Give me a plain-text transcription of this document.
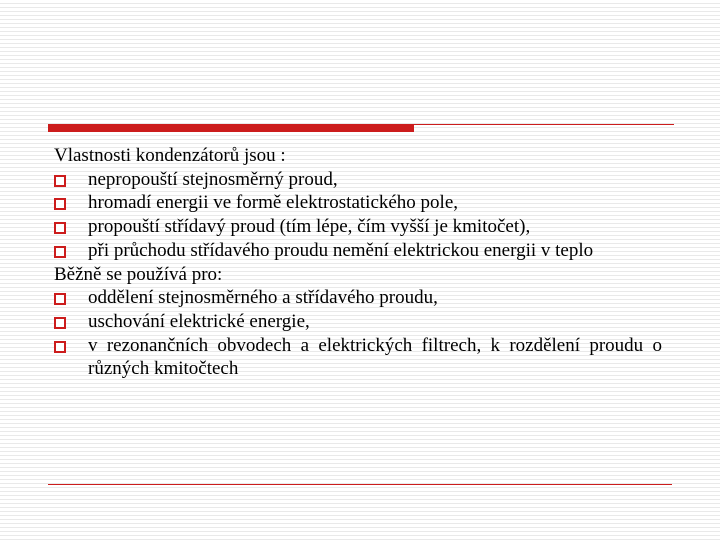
Vlastnosti kondenzátorů jsou :

nepropouští stejnosměrný proud,
hromadí energii ve formě elektrostatického pole,
propouští střídavý proud (tím lépe, čím vyšší je kmitočet),
při průchodu střídavého proudu nemění elektrickou energii v teplo

Běžně se používá pro:

oddělení stejnosměrného a střídavého proudu,
uschování elektrické energie,
v rezonančních obvodech a elektrických filtrech, k rozdělení proudu o různých kmitočtech
